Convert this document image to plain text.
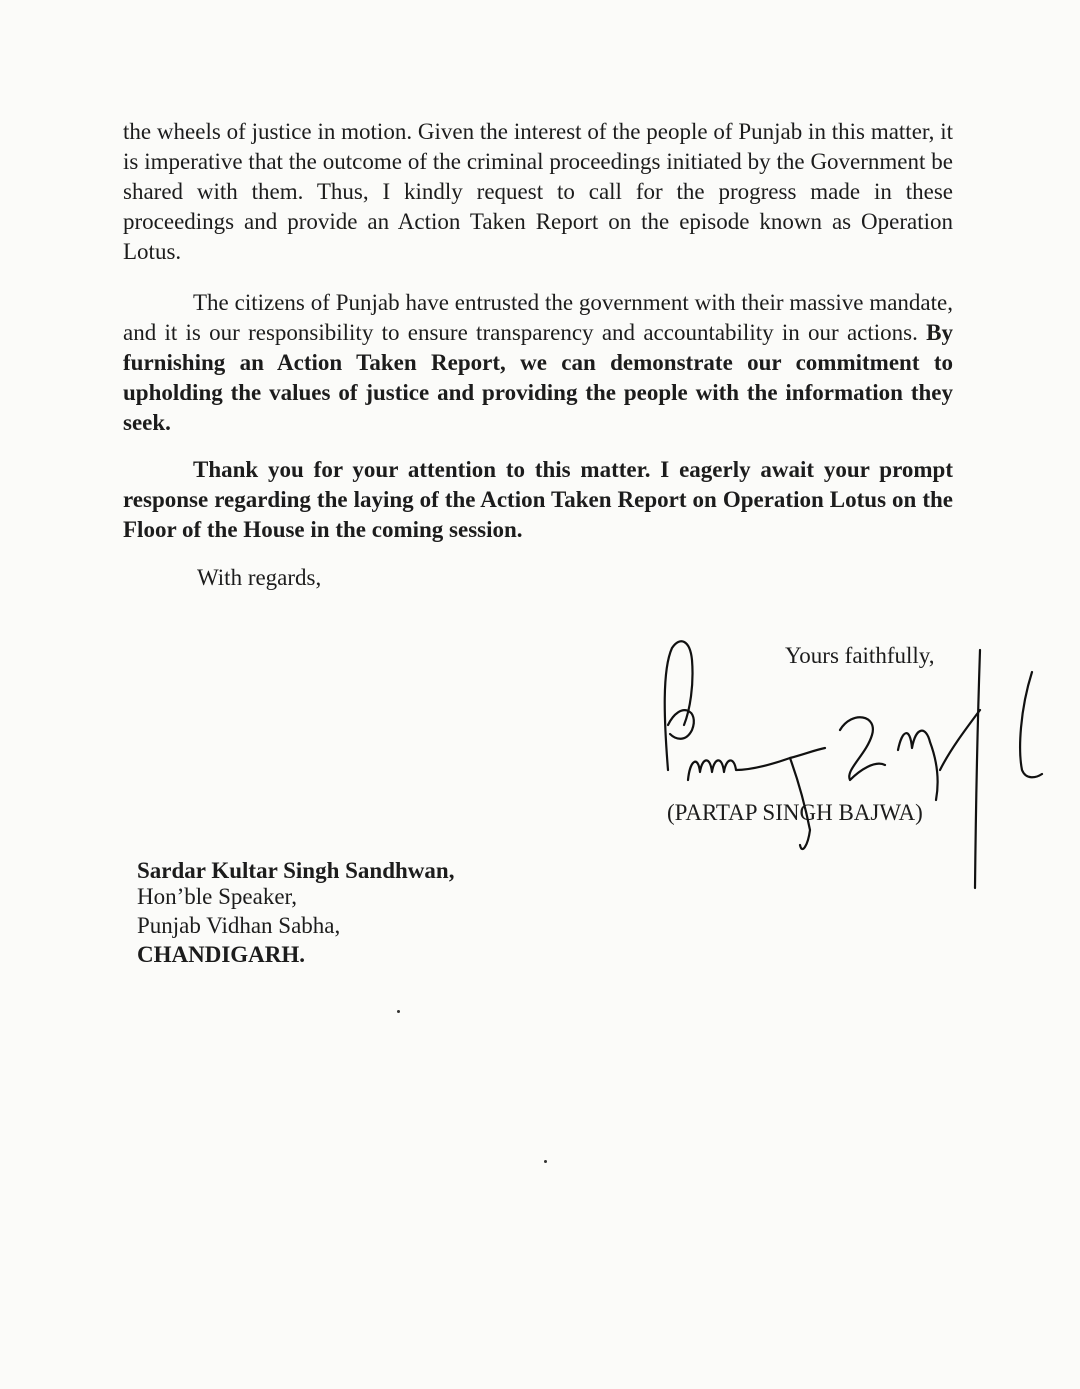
the wheels of justice in motion. Given the interest of the people of Punjab in this matter, it is imperative that the outcome of the criminal proceedings initiated by the Government be shared with them. Thus, I kindly request to call for the progress made in these proceedings and provide an Action Taken Report on the episode known as Operation Lotus.

The citizens of Punjab have entrusted the government with their massive mandate, and it is our responsibility to ensure transparency and accountability in our actions. By furnishing an Action Taken Report, we can demonstrate our commitment to upholding the values of justice and providing the people with the information they seek.

Thank you for your attention to this matter. I eagerly await your prompt response regarding the laying of the Action Taken Report on Operation Lotus on the Floor of the House in the coming session.

With regards,
Yours faithfully,
(PARTAP SINGH BAJWA)
Sardar Kultar Singh Sandhwan,
Hon’ble Speaker,
Punjab Vidhan Sabha,
CHANDIGARH.
